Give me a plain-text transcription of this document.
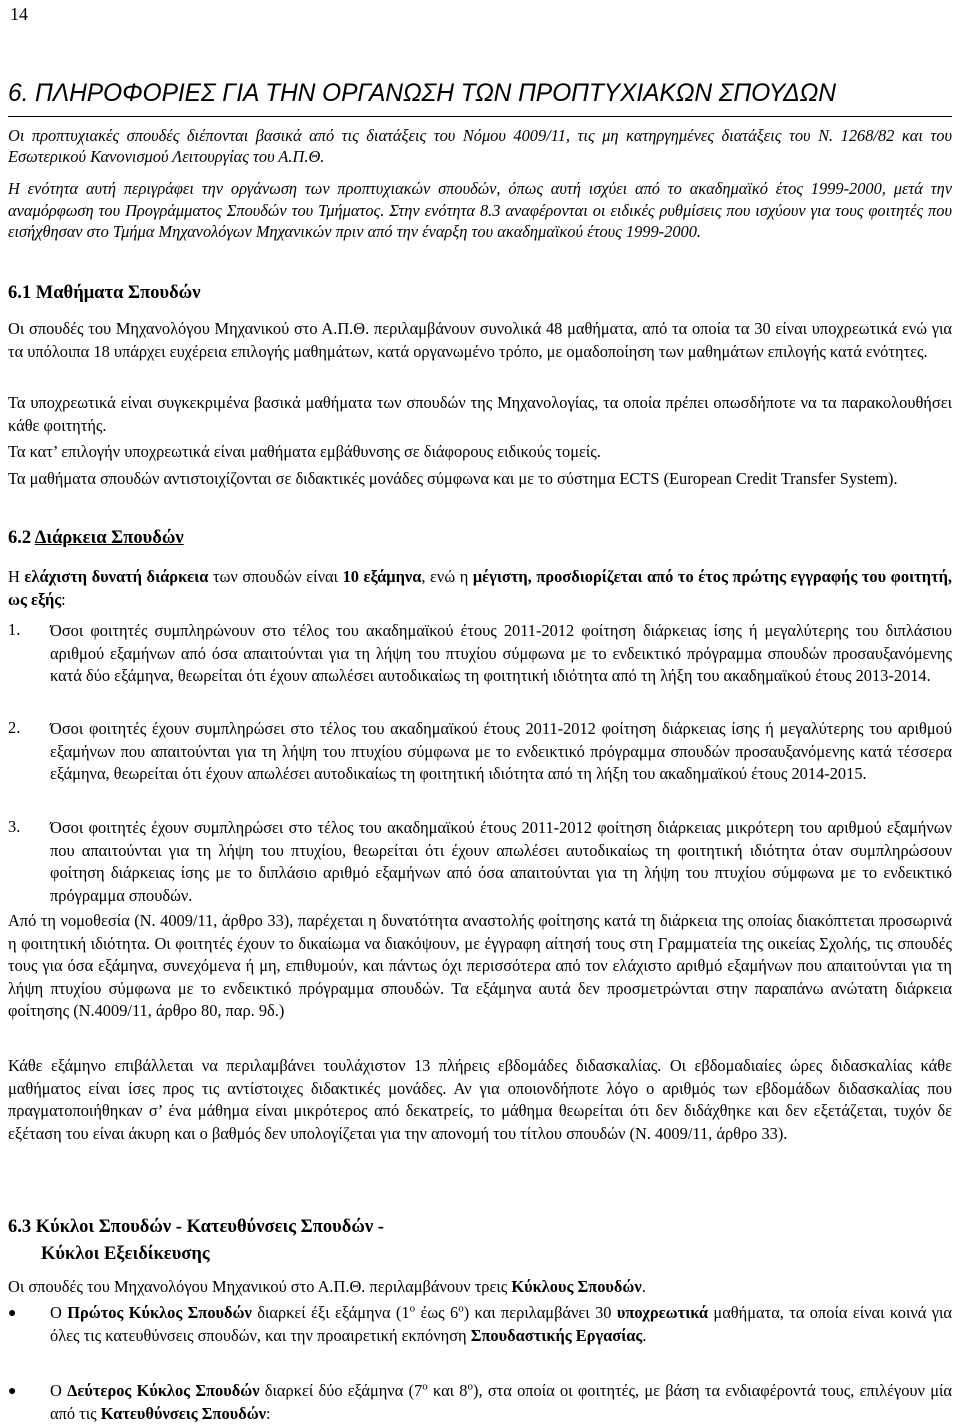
14
6. ΠΛΗΡΟΦΟΡΙΕΣ ΓΙΑ ΤΗΝ ΟΡΓΑΝΩΣΗ ΤΩΝ ΠΡΟΠΤΥΧΙΑΚΩΝ ΣΠΟΥΔΩΝ
Οι προπτυχιακές σπουδές διέπονται βασικά από τις διατάξεις του Νόμου 4009/11, τις μη κατηργημένες διατάξεις του Ν. 1268/82 και του Εσωτερικού Κανονισμού Λειτουργίας του Α.Π.Θ.
Η ενότητα αυτή περιγράφει την οργάνωση των προπτυχιακών σπουδών, όπως αυτή ισχύει από το ακαδημαϊκό έτος 1999-2000, μετά την αναμόρφωση του Προγράμματος Σπουδών του Τμήματος. Στην ενότητα 8.3 αναφέρονται οι ειδικές ρυθμίσεις που ισχύουν για τους φοιτητές που εισήχθησαν στο Τμήμα Μηχανολόγων Μηχανικών πριν από την έναρξη του ακαδημαϊκού έτους 1999-2000.
6.1 Μαθήματα Σπουδών
Οι σπουδές του Μηχανολόγου Μηχανικού στο Α.Π.Θ. περιλαμβάνουν συνολικά 48 μαθήματα, από τα οποία τα 30 είναι υποχρεωτικά ενώ για τα υπόλοιπα 18 υπάρχει ευχέρεια επιλογής μαθημάτων, κατά οργανωμένο τρόπο, με ομαδοποίηση των μαθημάτων επιλογής κατά ενότητες.
Τα υποχρεωτικά είναι συγκεκριμένα βασικά μαθήματα των σπουδών της Μηχανολογίας, τα οποία πρέπει οπωσδήποτε να τα παρακολουθήσει κάθε φοιτητής.
Τα κατ’ επιλογήν υποχρεωτικά είναι μαθήματα εμβάθυνσης σε διάφορους ειδικούς τομείς.
Τα μαθήματα σπουδών αντιστοιχίζονται σε διδακτικές μονάδες σύμφωνα και με το σύστημα ECTS (European Credit Transfer System).
6.2 Διάρκεια Σπουδών
Η ελάχιστη δυνατή διάρκεια των σπουδών είναι 10 εξάμηνα, ενώ η μέγιστη, προσδιορίζεται από το έτος πρώτης εγγραφής του φοιτητή, ως εξής:
1. Όσοι φοιτητές συμπληρώνουν στο τέλος του ακαδημαϊκού έτους 2011-2012 φοίτηση διάρκειας ίσης ή μεγαλύτερης του διπλάσιου αριθμού εξαμήνων από όσα απαιτούνται για τη λήψη του πτυχίου σύμφωνα με το ενδεικτικό πρόγραμμα σπουδών προσαυξανόμενης κατά δύο εξάμηνα, θεωρείται ότι έχουν απωλέσει αυτοδικαίως τη φοιτητική ιδιότητα από τη λήξη του ακαδημαϊκού έτους 2013-2014.
2. Όσοι φοιτητές έχουν συμπληρώσει στο τέλος του ακαδημαϊκού έτους 2011-2012 φοίτηση διάρκειας ίσης ή μεγαλύτερης του αριθμού εξαμήνων που απαιτούνται για τη λήψη του πτυχίου σύμφωνα με το ενδεικτικό πρόγραμμα σπουδών προσαυξανόμενης κατά τέσσερα εξάμηνα, θεωρείται ότι έχουν απωλέσει αυτοδικαίως τη φοιτητική ιδιότητα από τη λήξη του ακαδημαϊκού έτους 2014-2015.
3. Όσοι φοιτητές έχουν συμπληρώσει στο τέλος του ακαδημαϊκού έτους 2011-2012 φοίτηση διάρκειας μικρότερη του αριθμού εξαμήνων που απαιτούνται για τη λήψη του πτυχίου, θεωρείται ότι έχουν απωλέσει αυτοδικαίως τη φοιτητική ιδιότητα όταν συμπληρώσουν φοίτηση διάρκειας ίσης με το διπλάσιο αριθμό εξαμήνων από όσα απαιτούνται για τη λήψη του πτυχίου σύμφωνα με το ενδεικτικό πρόγραμμα σπουδών.
Από τη νομοθεσία (Ν. 4009/11, άρθρο 33), παρέχεται η δυνατότητα αναστολής φοίτησης κατά τη διάρκεια της οποίας διακόπτεται προσωρινά η φοιτητική ιδιότητα. Οι φοιτητές έχουν το δικαίωμα να διακόψουν, με έγγραφη αίτησή τους στη Γραμματεία της οικείας Σχολής, τις σπουδές τους για όσα εξάμηνα, συνεχόμενα ή μη, επιθυμούν, και πάντως όχι περισσότερα από τον ελάχιστο αριθμό εξαμήνων που απαιτούνται για τη λήψη πτυχίου σύμφωνα με το ενδεικτικό πρόγραμμα σπουδών. Τα εξάμηνα αυτά δεν προσμετρώνται στην παραπάνω ανώτατη διάρκεια φοίτησης (Ν.4009/11, άρθρο 80, παρ. 9δ.)
Κάθε εξάμηνο επιβάλλεται να περιλαμβάνει τουλάχιστον 13 πλήρεις εβδομάδες διδασκαλίας. Οι εβδομαδιαίες ώρες διδασκαλίας κάθε μαθήματος είναι ίσες προς τις αντίστοιχες διδακτικές μονάδες. Αν για οποιονδήποτε λόγο ο αριθμός των εβδομάδων διδασκαλίας που πραγματοποιήθηκαν σ’ ένα μάθημα είναι μικρότερος από δεκατρείς, το μάθημα θεωρείται ότι δεν διδάχθηκε και δεν εξετάζεται, τυχόν δε εξέταση του είναι άκυρη και ο βαθμός δεν υπολογίζεται για την απονομή του τίτλου σπουδών (Ν. 4009/11, άρθρο 33).
6.3 Κύκλοι Σπουδών - Κατευθύνσεις Σπουδών -
Κύκλοι Εξειδίκευσης
Οι σπουδές του Μηχανολόγου Μηχανικού στο Α.Π.Θ. περιλαμβάνουν τρεις Κύκλους Σπουδών.
● Ο Πρώτος Κύκλος Σπουδών διαρκεί έξι εξάμηνα ($1^o$ έως $6^o$) και περιλαμβάνει 30 υποχρεωτικά μαθήματα, τα οποία είναι κοινά για όλες τις κατευθύνσεις σπουδών, και την προαιρετική εκπόνηση Σπουδαστικής Εργασίας.
● Ο Δεύτερος Κύκλος Σπουδών διαρκεί δύο εξάμηνα ($7^o$ και $8^o$), στα οποία οι φοιτητές, με βάση τα ενδιαφέροντά τους, επιλέγουν μία από τις Κατευθύνσεις Σπουδών:
